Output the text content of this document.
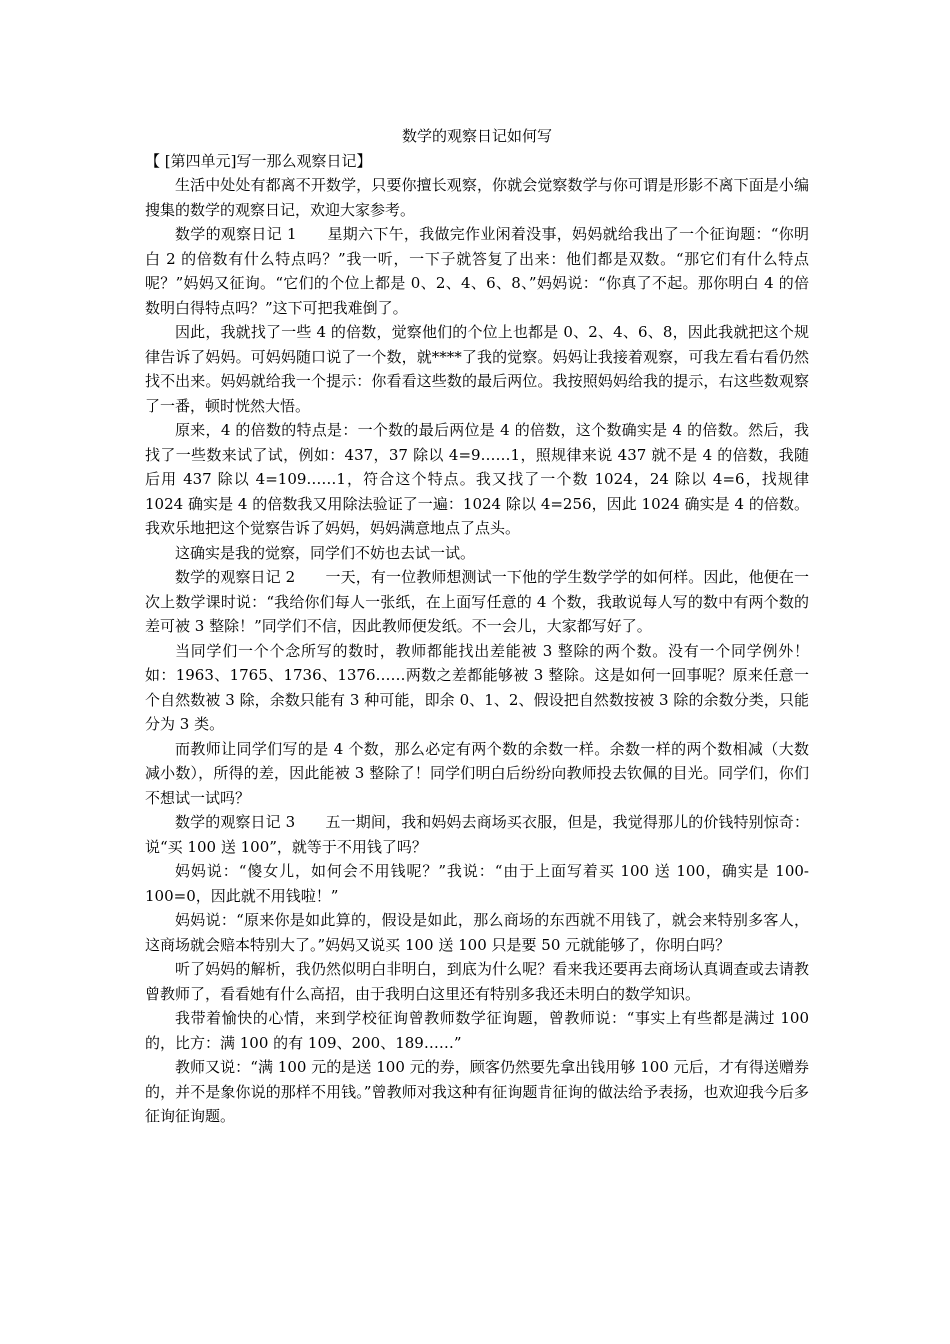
数学的观察日记如何写

【 [第四单元]写一那么观察日记】

生活中处处有都离不开数学，只要你擅长观察，你就会觉察数学与你可谓是形影不离下面是小编搜集的数学的观察日记，欢迎大家参考。

数学的观察日记 1　　星期六下午，我做完作业闲着没事，妈妈就给我出了一个征询题：“你明白 2 的倍数有什么特点吗？”我一听，一下子就答复了出来：他们都是双数。“那它们有什么特点呢？”妈妈又征询。“它们的个位上都是 0、2、4、6、8、”妈妈说：“你真了不起。那你明白 4 的倍数明白得特点吗？”这下可把我难倒了。

因此，我就找了一些 4 的倍数，觉察他们的个位上也都是 0、2、4、6、8，因此我就把这个规律告诉了妈妈。可妈妈随口说了一个数，就****了我的觉察。妈妈让我接着观察，可我左看右看仍然找不出来。妈妈就给我一个提示：你看看这些数的最后两位。我按照妈妈给我的提示，右这些数观察了一番，顿时恍然大悟。

原来，4 的倍数的特点是：一个数的最后两位是 4 的倍数，这个数确实是 4 的倍数。然后，我找了一些数来试了试，例如：437，37 除以 4=9……1，照规律来说 437 就不是 4 的倍数，我随后用 437 除以 4=109……1，符合这个特点。我又找了一个数 1024，24 除以 4=6，找规律 1024 确实是 4 的倍数我又用除法验证了一遍：1024 除以 4=256，因此 1024 确实是 4 的倍数。我欢乐地把这个觉察告诉了妈妈，妈妈满意地点了点头。

这确实是我的觉察，同学们不妨也去试一试。

数学的观察日记 2　　一天，有一位教师想测试一下他的学生数学学的如何样。因此，他便在一次上数学课时说：“我给你们每人一张纸，在上面写任意的 4 个数，我敢说每人写的数中有两个数的差可被 3 整除！”同学们不信，因此教师便发纸。不一会儿，大家都写好了。

当同学们一个个念所写的数时，教师都能找出差能被 3 整除的两个数。没有一个同学例外！如：1963、1765、1736、1376……两数之差都能够被 3 整除。这是如何一回事呢？原来任意一个自然数被 3 除，余数只能有 3 种可能，即余 0、1、2、假设把自然数按被 3 除的余数分类，只能分为 3 类。

而教师让同学们写的是 4 个数，那么必定有两个数的余数一样。余数一样的两个数相减（大数减小数），所得的差，因此能被 3 整除了！同学们明白后纷纷向教师投去钦佩的目光。同学们，你们不想试一试吗？

数学的观察日记 3　　五一期间，我和妈妈去商场买衣服，但是，我觉得那儿的价钱特别惊奇：说“买 100 送 100”，就等于不用钱了吗？

妈妈说：“傻女儿，如何会不用钱呢？”我说：“由于上面写着买 100 送 100，确实是 100-100=0，因此就不用钱啦！”

妈妈说：“原来你是如此算的，假设是如此，那么商场的东西就不用钱了，就会来特别多客人，这商场就会赔本特别大了。”妈妈又说买 100 送 100 只是要 50 元就能够了，你明白吗？

听了妈妈的解析，我仍然似明白非明白，到底为什么呢？看来我还要再去商场认真调查或去请教曾教师了，看看她有什么高招，由于我明白这里还有特别多我还未明白的数学知识。

我带着愉快的心情，来到学校征询曾教师数学征询题，曾教师说：“事实上有些都是满过 100 的，比方：满 100 的有 109、200、189……”

教师又说：“满 100 元的是送 100 元的券，顾客仍然要先拿出钱用够 100 元后，才有得送赠券的，并不是象你说的那样不用钱。”曾教师对我这种有征询题肯征询的做法给予表扬，也欢迎我今后多征询征询题。
